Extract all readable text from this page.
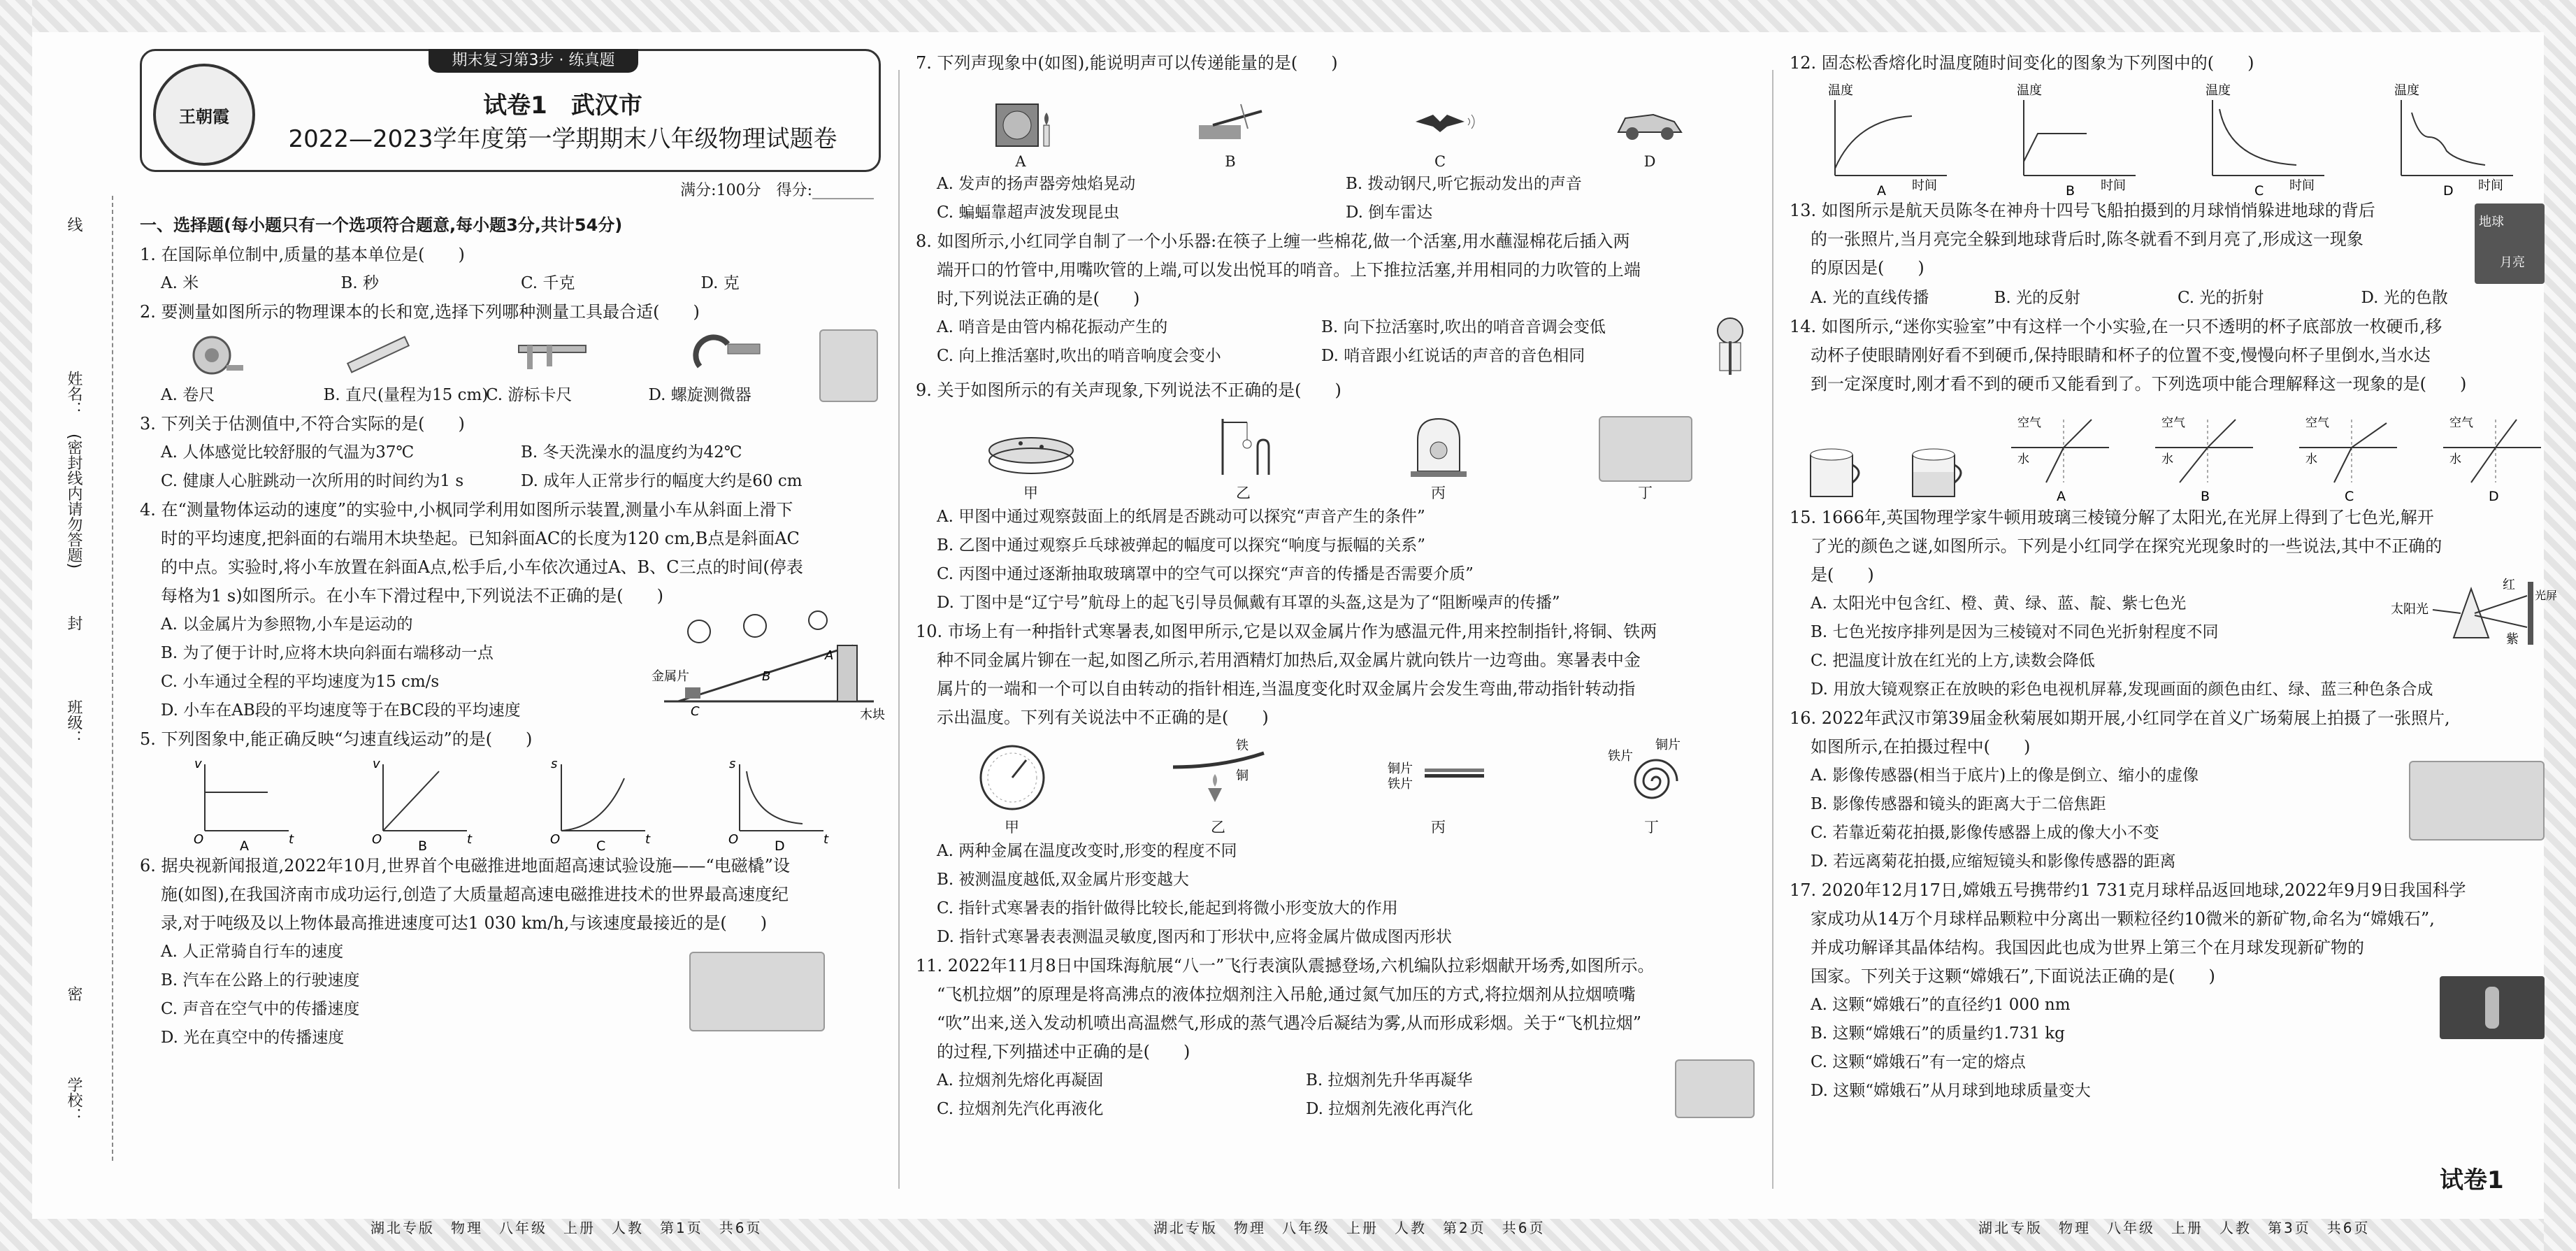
线
姓名：
(密封线内请勿答题)
封
班级：
密
学校：
期末复习第3步 · 练真题
王朝霞	试卷1　武汉市
2022—2023学年度第一学期期末八年级物理试题卷
满分:100分　得分:________
一、选择题(每小题只有一个选项符合题意,每小题3分,共计54分)
1. 在国际单位制中,质量的基本单位是(　　)
A. 米	B. 秒	C. 千克	D. 克
2. 要测量如图所示的物理课本的长和宽,选择下列哪种测量工具最合适(　　)
A. 卷尺	B. 直尺(量程为15 cm)
C. 游标卡尺	D. 螺旋测微器
3. 下列关于估测值中,不符合实际的是(　　)
A. 人体感觉比较舒服的气温为37℃	B. 冬天洗澡水的温度约为42℃
C. 健康人心脏跳动一次所用的时间约为1 s	D. 成年人正常步行的幅度大约是60 cm
4. 在“测量物体运动的速度”的实验中,小枫同学利用如图所示装置,测量小车从斜面上滑下
时的平均速度,把斜面的右端用木块垫起。已知斜面AC的长度为120 cm,B点是斜面AC
的中点。实验时,将小车放置在斜面A点,松手后,小车依次通过A、B、C三点的时间(停表
每格为1 s)如图所示。在小车下滑过程中,下列说法不正确的是(　　)
A. 以金属片为参照物,小车是运动的
B. 为了便于计时,应将木块向斜面右端移动一点
C. 小车通过全程的平均速度为15 cm/s
D. 小车在AB段的平均速度等于在BC段的平均速度
金属片
木块
A
B
C
5. 下列图象中,能正确反映“匀速直线运动”的是(　　)
v
t
O	A
v
t
O	B
s
t
O	C
s
t
O	D
6. 据央视新闻报道,2022年10月,世界首个电磁推进地面超高速试验设施——“电磁橇”设
施(如图),在我国济南市成功运行,创造了大质量超高速电磁推进技术的世界最高速度纪
录,对于吨级及以上物体最高推进速度可达1 030 km/h,与该速度最接近的是(　　)
A. 人正常骑自行车的速度
B. 汽车在公路上的行驶速度
C. 声音在空气中的传播速度
D. 光在真空中的传播速度
湖北专版　物理　八年级　上册　人教　第1页　共6页
7. 下列声现象中(如图),能说明声可以传递能量的是(　　)
A	B	C	D
A. 发声的扬声器旁烛焰晃动	B. 拨动钢尺,听它振动发出的声音
C. 蝙蝠靠超声波发现昆虫	D. 倒车雷达
8. 如图所示,小红同学自制了一个小乐器:在筷子上缠一些棉花,做一个活塞,用水蘸湿棉花后插入两
端开口的竹管中,用嘴吹管的上端,可以发出悦耳的哨音。上下推拉活塞,并用相同的力吹管的上端
时,下列说法正确的是(　　)
A. 哨音是由管内棉花振动产生的	B. 向下拉活塞时,吹出的哨音音调会变低
C. 向上推活塞时,吹出的哨音响度会变小	D. 哨音跟小红说话的声音的音色相同
9. 关于如图所示的有关声现象,下列说法不正确的是(　　)
甲	乙	丙	丁
A. 甲图中通过观察鼓面上的纸屑是否跳动可以探究“声音产生的条件”
B. 乙图中通过观察乒乓球被弹起的幅度可以探究“响度与振幅的关系”
C. 丙图中通过逐渐抽取玻璃罩中的空气可以探究“声音的传播是否需要介质”
D. 丁图中是“辽宁号”航母上的起飞引导员佩戴有耳罩的头盔,这是为了“阻断噪声的传播”
10. 市场上有一种指针式寒暑表,如图甲所示,它是以双金属片作为感温元件,用来控制指针,将铜、铁两
种不同金属片铆在一起,如图乙所示,若用酒精灯加热后,双金属片就向铁片一边弯曲。寒暑表中金
属片的一端和一个可以自由转动的指针相连,当温度变化时双金属片会发生弯曲,带动指针转动指
示出温度。下列有关说法中不正确的是(　　)
甲
铁
铜
乙
铜片
铁片
丙
铜片
铁片
丁
A. 两种金属在温度改变时,形变的程度不同
B. 被测温度越低,双金属片形变越大
C. 指针式寒暑表的指针做得比较长,能起到将微小形变放大的作用
D. 指针式寒暑表表测温灵敏度,图丙和丁形状中,应将金属片做成图丙形状
11. 2022年11月8日中国珠海航展“八一”飞行表演队震撼登场,六机编队拉彩烟献开场秀,如图所示。
“飞机拉烟”的原理是将高沸点的液体拉烟剂注入吊舱,通过氮气加压的方式,将拉烟剂从拉烟喷嘴
“吹”出来,送入发动机喷出高温燃气,形成的蒸气遇冷后凝结为雾,从而形成彩烟。关于“飞机拉烟”
的过程,下列描述中正确的是(　　)
A. 拉烟剂先熔化再凝固	B. 拉烟剂先升华再凝华
C. 拉烟剂先汽化再液化	D. 拉烟剂先液化再汽化
湖北专版　物理　八年级　上册　人教　第2页　共6页
12. 固态松香熔化时温度随时间变化的图象为下列图中的(　　)
温度
时间
A
温度
时间
B
温度
时间
C
温度
时间
D
13. 如图所示是航天员陈冬在神舟十四号飞船拍摄到的月球悄悄躲进地球的背后
的一张照片,当月亮完全躲到地球背后时,陈冬就看不到月亮了,形成这一现象
的原因是(　　)
地球
月亮
A. 光的直线传播	B. 光的反射	C. 光的折射	D. 光的色散
14. 如图所示,“迷你实验室”中有这样一个小实验,在一只不透明的杯子底部放一枚硬币,移
动杯子使眼睛刚好看不到硬币,保持眼睛和杯子的位置不变,慢慢向杯子里倒水,当水达
到一定深度时,刚才看不到的硬币又能看到了。下列选项中能合理解释这一现象的是(　　)
空气
水
A
空气
水
B
空气
水
C
空气
水
D
15. 1666年,英国物理学家牛顿用玻璃三棱镜分解了太阳光,在光屏上得到了七色光,解开
了光的颜色之谜,如图所示。下列是小红同学在探究光现象时的一些说法,其中不正确的
是(　　)
A. 太阳光中包含红、橙、黄、绿、蓝、靛、紫七色光
B. 七色光按序排列是因为三棱镜对不同色光折射程度不同
C. 把温度计放在红光的上方,读数会降低
太阳光
红
紫
光屏
D. 用放大镜观察正在放映的彩色电视机屏幕,发现画面的颜色由红、绿、蓝三种色条合成
16. 2022年武汉市第39届金秋菊展如期开展,小红同学在首义广场菊展上拍摄了一张照片,
如图所示,在拍摄过程中(　　)
A. 影像传感器(相当于底片)上的像是倒立、缩小的虚像
B. 影像传感器和镜头的距离大于二倍焦距
C. 若靠近菊花拍摄,影像传感器上成的像大小不变
D. 若远离菊花拍摄,应缩短镜头和影像传感器的距离
17. 2020年12月17日,嫦娥五号携带约1 731克月球样品返回地球,2022年9月9日我国科学
家成功从14万个月球样品颗粒中分离出一颗粒径约10微米的新矿物,命名为“嫦娥石”,
并成功解译其晶体结构。我国因此也成为世界上第三个在月球发现新矿物的
国家。下列关于这颗“嫦娥石”,下面说法正确的是(　　)
A. 这颗“嫦娥石”的直径约1 000 nm
B. 这颗“嫦娥石”的质量约1.731 kg
C. 这颗“嫦娥石”有一定的熔点
D. 这颗“嫦娥石”从月球到地球质量变大
湖北专版　物理　八年级　上册　人教　第3页　共6页
试卷1
